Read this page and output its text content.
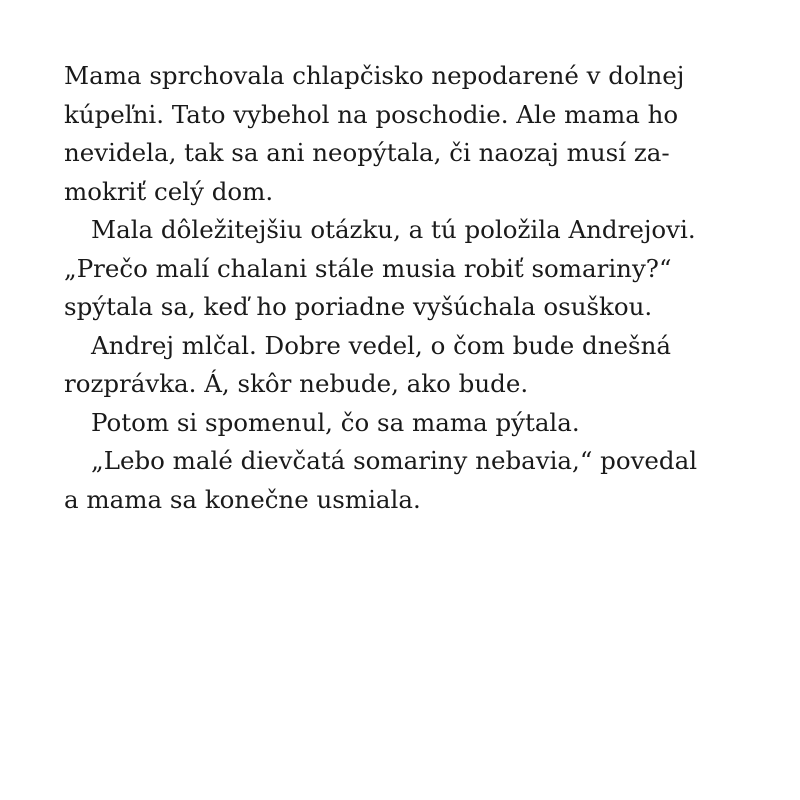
Mama sprchovala chlapčisko nepodarené v dolnej
kúpeľni. Tato vybehol na poschodie. Ale mama ho
nevidela, tak sa ani neopýtala, či naozaj musí za-
mokriť celý dom.
Mala dôležitejšiu otázku, a tú položila Andrejovi.
„Prečo malí chalani stále musia robiť somariny?“
spýtala sa, keď ho poriadne vyšúchala osuškou.
Andrej mlčal. Dobre vedel, o čom bude dnešná
rozprávka. Á, skôr nebude, ako bude.
Potom si spomenul, čo sa mama pýtala.
„Lebo malé dievčatá somariny nebavia,“ povedal
a mama sa konečne usmiala.
